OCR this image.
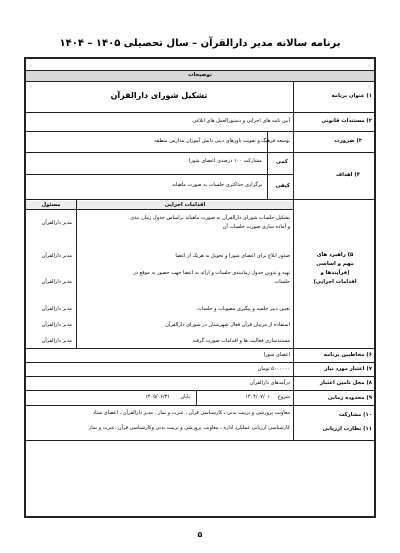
برنامه سالانه مدیر دارالقرآن – سال تحصیلی ۱۴۰۵ – ۱۴۰۴
توضیحات
۱) عنوان برنامه
تشکیل شورای دارالقرآن
۲) مستندات قانونی
آیین نامه های اجرایی و دستورالعمل های ابلاغی
۳) ضرورت
توسعه فرهنگ و تقویت باورهای دینی دانش آموزان مدارس منطقه
۴) اهداف
کمی
مشارکت ۱۰۰ درصدی اعضای شورا
کیفی
برگزاری حداکثری جلسات به صورت ماهیانه
۵) راهبرد های
مهم و اساسی
(فرآیندها و
اقدامات اجرایی)
اقدامات اجرایی
مسئول
تشکیل جلسات شورای دارالقرآن به صورت ماهیانه براساس جدول زمان بندی
و آماده سازی صورت جلسات آن
مدیر دارالقرآن
صدور ابلاغ برای اعضای شورا و تحویل به هریک از اعضا
مدیر دارالقرآن
تهیه و تدوین جدول زمانبندی جلسات و ارائه به اعضا جهت حضور به موقع در
جلسات
مدیر دارالقرآن
تعیین دبیر جلسه و پیگیری مصوبات و جلسات
مدیر دارالقرآن
استفاده از مربیان قرآن فعال شهرستان در شورای دارالقرآن
مدیر دارالقرآن
مستندسازی فعالیت ها و اقدامات صورت گرفته
مدیر دارالقرآن
۶) مخاطبین برنامه
اعضای شورا
۷) اعتبار مورد نیاز
۵۰۰۰۰۰۰ تومان
۸) محل تامین اعتبار
درآمدهای دارالقرآن
۹) محدوده زمانی
شروع
۱۴۰۴/۰۷/۰۱
پایان
۱۴۰۵/۰۶/۳۱
۱۰) مشارکت
معاونت پرورشی و تربیت بدنی ، کارشناسی قرآن ، عترت و نماز ، مدیر دارالقرآن ، اعضای ستاد
۱۱) نظارت ارزیابی
کارشناسی ارزیابی عملکرد اداره ، معاونت پرورشی و تربیت بدنی وکارشناسی قرآن ،عترت و نماز
۵
